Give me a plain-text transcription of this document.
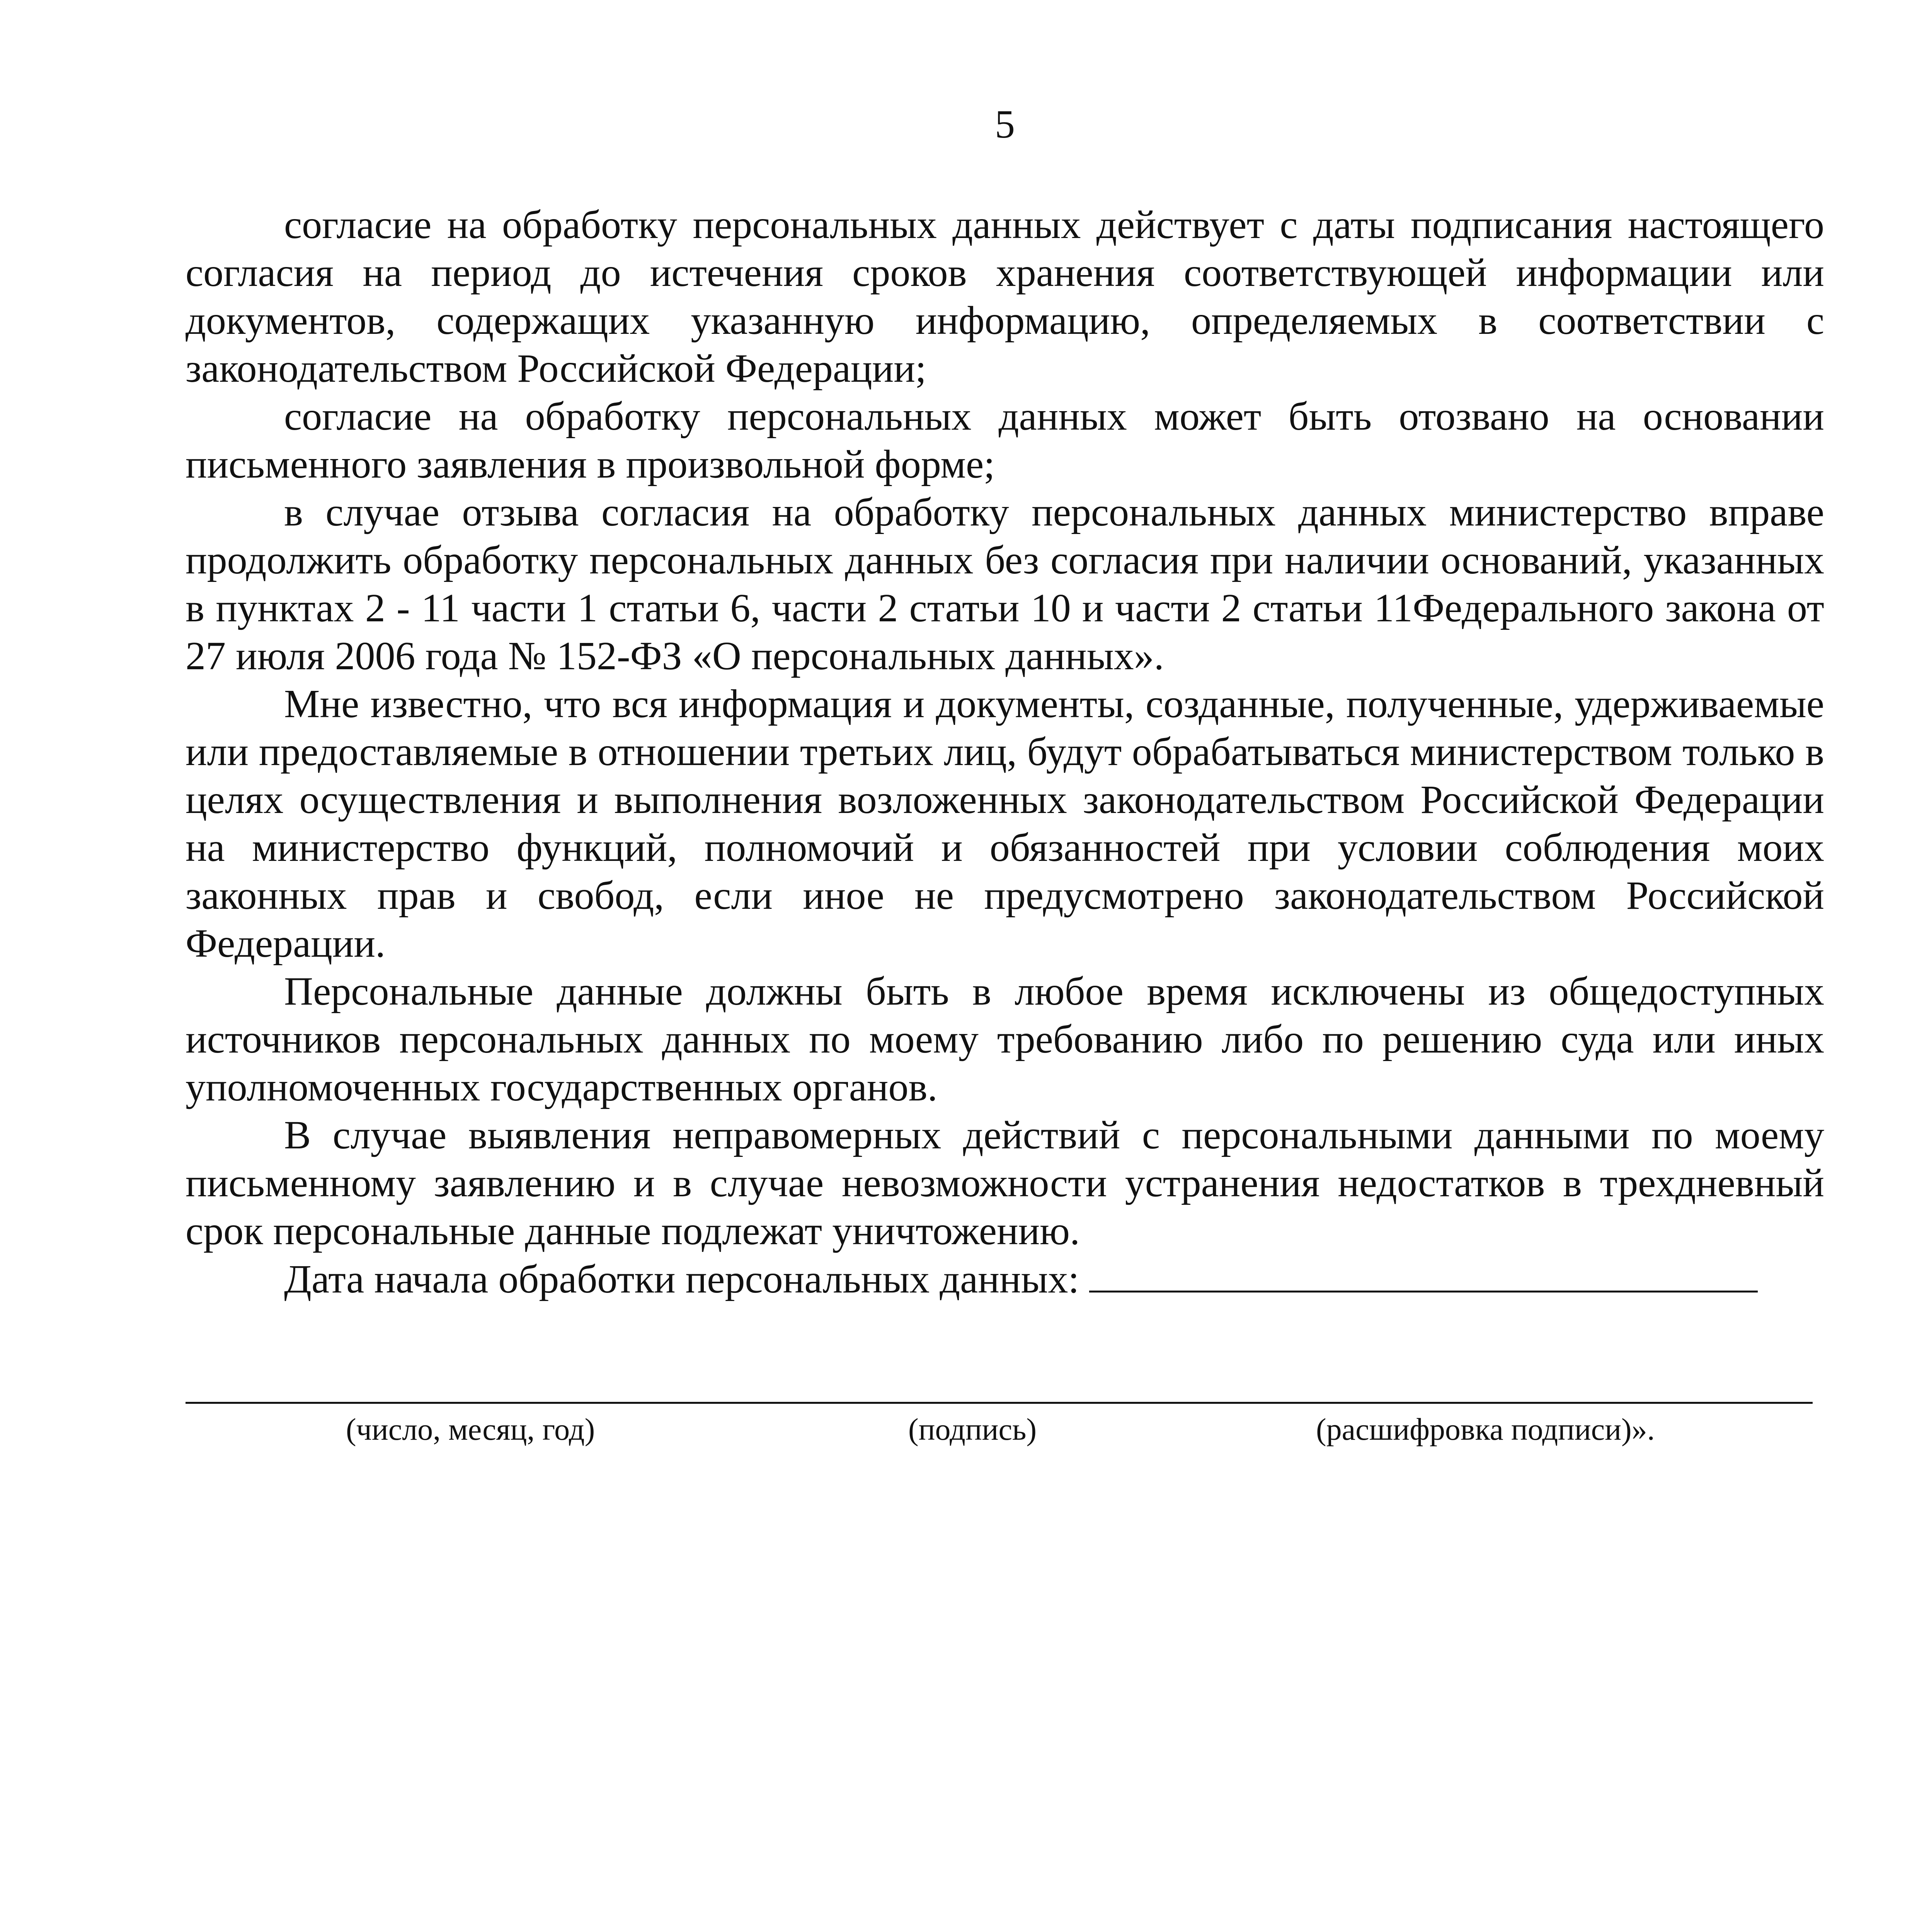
5

согласие на обработку персональных данных действует с даты подписания настоящего согласия на период до истечения сроков хранения соответствующей информации или документов, содержащих указанную информацию, определяемых в соответствии с законодательством Российской Федерации;

согласие на обработку персональных данных может быть отозвано на основании письменного заявления в произвольной форме;

в случае отзыва согласия на обработку персональных данных министерство вправе продолжить обработку персональных данных без согласия при наличии оснований, указанных в пунктах 2 - 11 части 1 статьи 6, части 2 статьи 10 и части 2 статьи 11Федерального закона от 27 июля 2006 года № 152-ФЗ «О персональных данных».

Мне известно, что вся информация и документы, созданные, полученные, удерживаемые или предоставляемые в отношении третьих лиц, будут обрабатываться министерством только в целях осуществления и выполнения возложенных законодательством Российской Федерации на министерство функций, полномочий и обязанностей при условии соблюдения моих законных прав и свобод, если иное не предусмотрено законодательством Российской Федерации.

Персональные данные должны быть в любое время исключены из общедоступных источников персональных данных по моему требованию либо по решению суда или иных уполномоченных государственных органов.

В случае выявления неправомерных действий с персональными данными по моему письменному заявлению и в случае невозможности устранения недостатков в трехдневный срок персональные данные подлежат уничтожению.

Дата начала обработки персональных данных:
(число, месяц, год)	(подпись)	(расшифровка подписи)».
